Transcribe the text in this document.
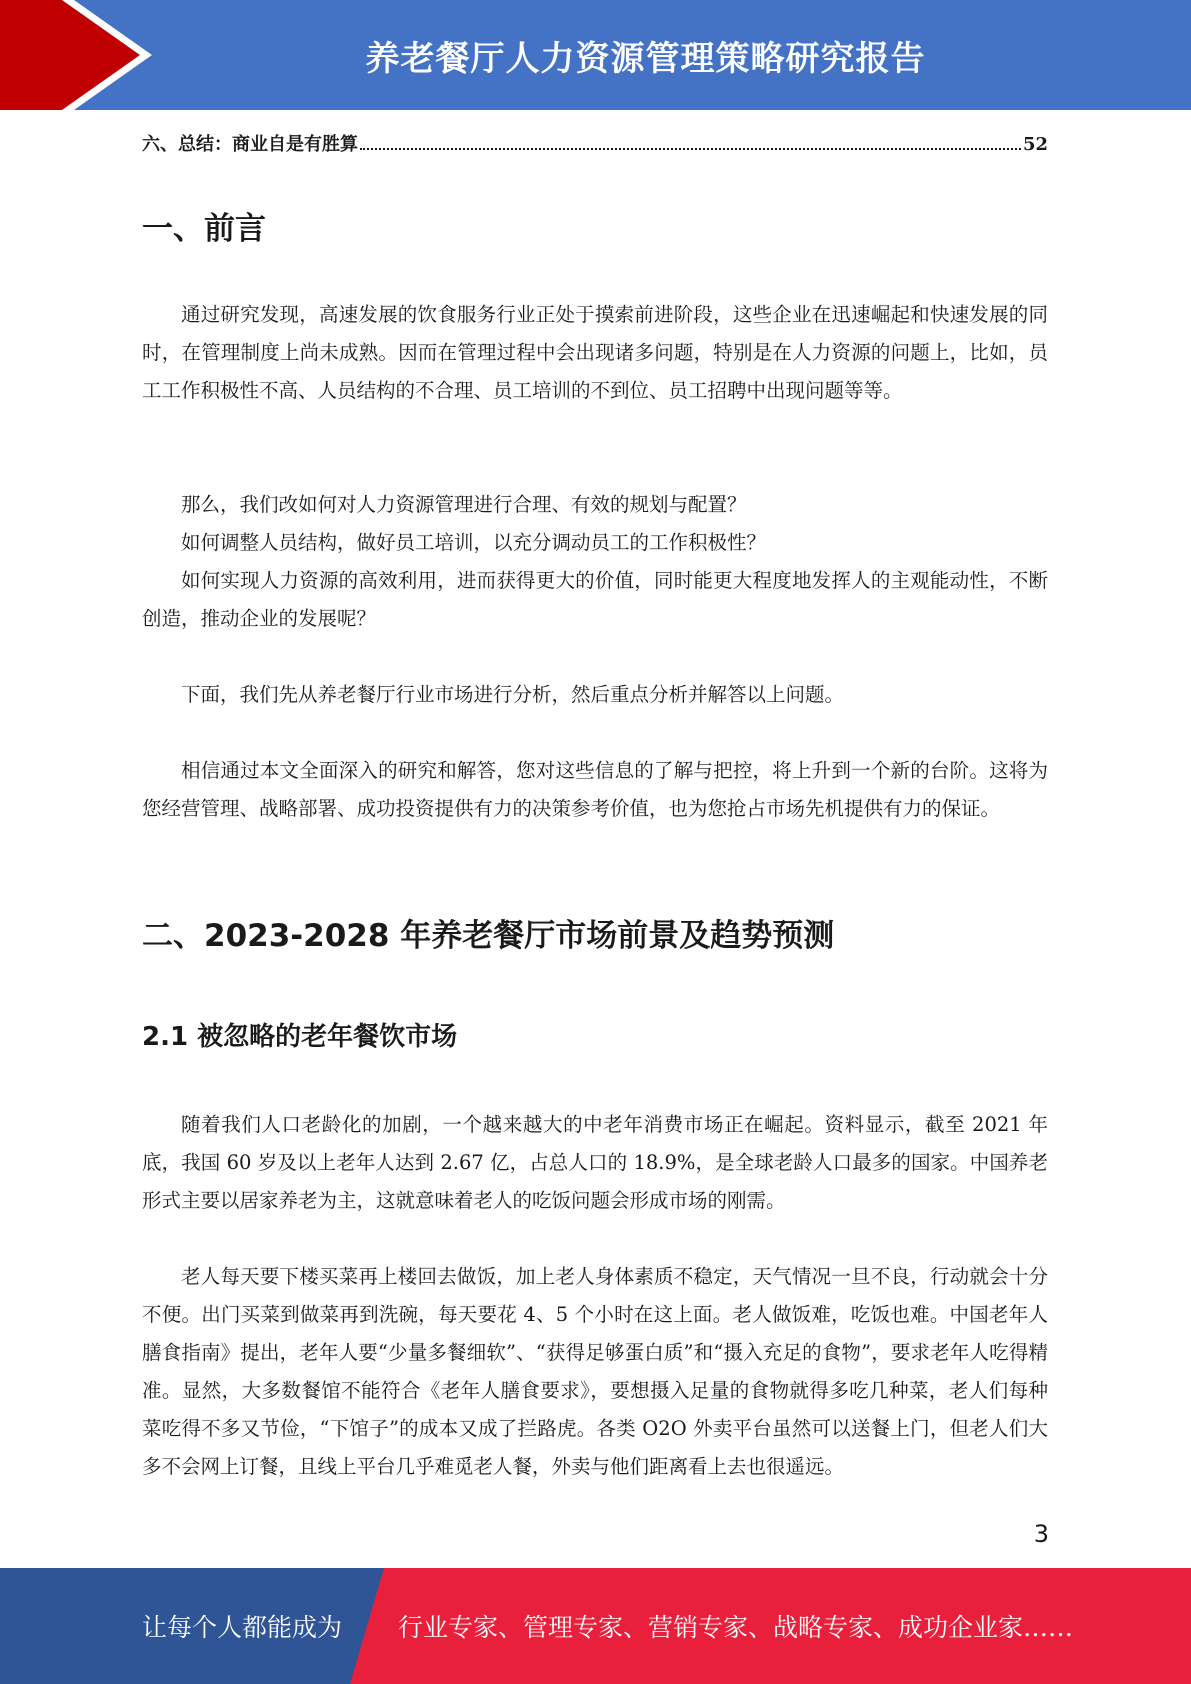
养老餐厅人力资源管理策略研究报告
六、总结：商业自是有胜算	52
一、前言

通过研究发现，高速发展的饮食服务行业正处于摸索前进阶段，这些企业在迅速崛起和快速发展的同时，在管理制度上尚未成熟。因而在管理过程中会出现诸多问题，特别是在人力资源的问题上，比如，员工工作积极性不高、人员结构的不合理、员工培训的不到位、员工招聘中出现问题等等。

那么，我们改如何对人力资源管理进行合理、有效的规划与配置？

如何调整人员结构，做好员工培训，以充分调动员工的工作积极性？

如何实现人力资源的高效利用，进而获得更大的价值，同时能更大程度地发挥人的主观能动性，不断创造，推动企业的发展呢？

下面，我们先从养老餐厅行业市场进行分析，然后重点分析并解答以上问题。

相信通过本文全面深入的研究和解答，您对这些信息的了解与把控，将上升到一个新的台阶。这将为您经营管理、战略部署、成功投资提供有力的决策参考价值，也为您抢占市场先机提供有力的保证。

二、2023-2028 年养老餐厅市场前景及趋势预测
2.1 被忽略的老年餐饮市场

随着我们人口老龄化的加剧，一个越来越大的中老年消费市场正在崛起。资料显示，截至 2021 年底，我国 60 岁及以上老年人达到 2.67 亿，占总人口的 18.9%，是全球老龄人口最多的国家。中国养老形式主要以居家养老为主，这就意味着老人的吃饭问题会形成市场的刚需。

老人每天要下楼买菜再上楼回去做饭，加上老人身体素质不稳定，天气情况一旦不良，行动就会十分不便。出门买菜到做菜再到洗碗，每天要花 4、5 个小时在这上面。老人做饭难，吃饭也难。中国老年人膳食指南》提出，老年人要“少量多餐细软”、“获得足够蛋白质”和“摄入充足的食物”，要求老年人吃得精准。显然，大多数餐馆不能符合《老年人膳食要求》，要想摄入足量的食物就得多吃几种菜，老人们每种菜吃得不多又节俭，“下馆子”的成本又成了拦路虎。各类 O2O 外卖平台虽然可以送餐上门，但老人们大多不会网上订餐，且线上平台几乎难觅老人餐，外卖与他们距离看上去也很遥远。

3
让每个人都能成为 行业专家、管理专家、营销专家、战略专家、成功企业家……
